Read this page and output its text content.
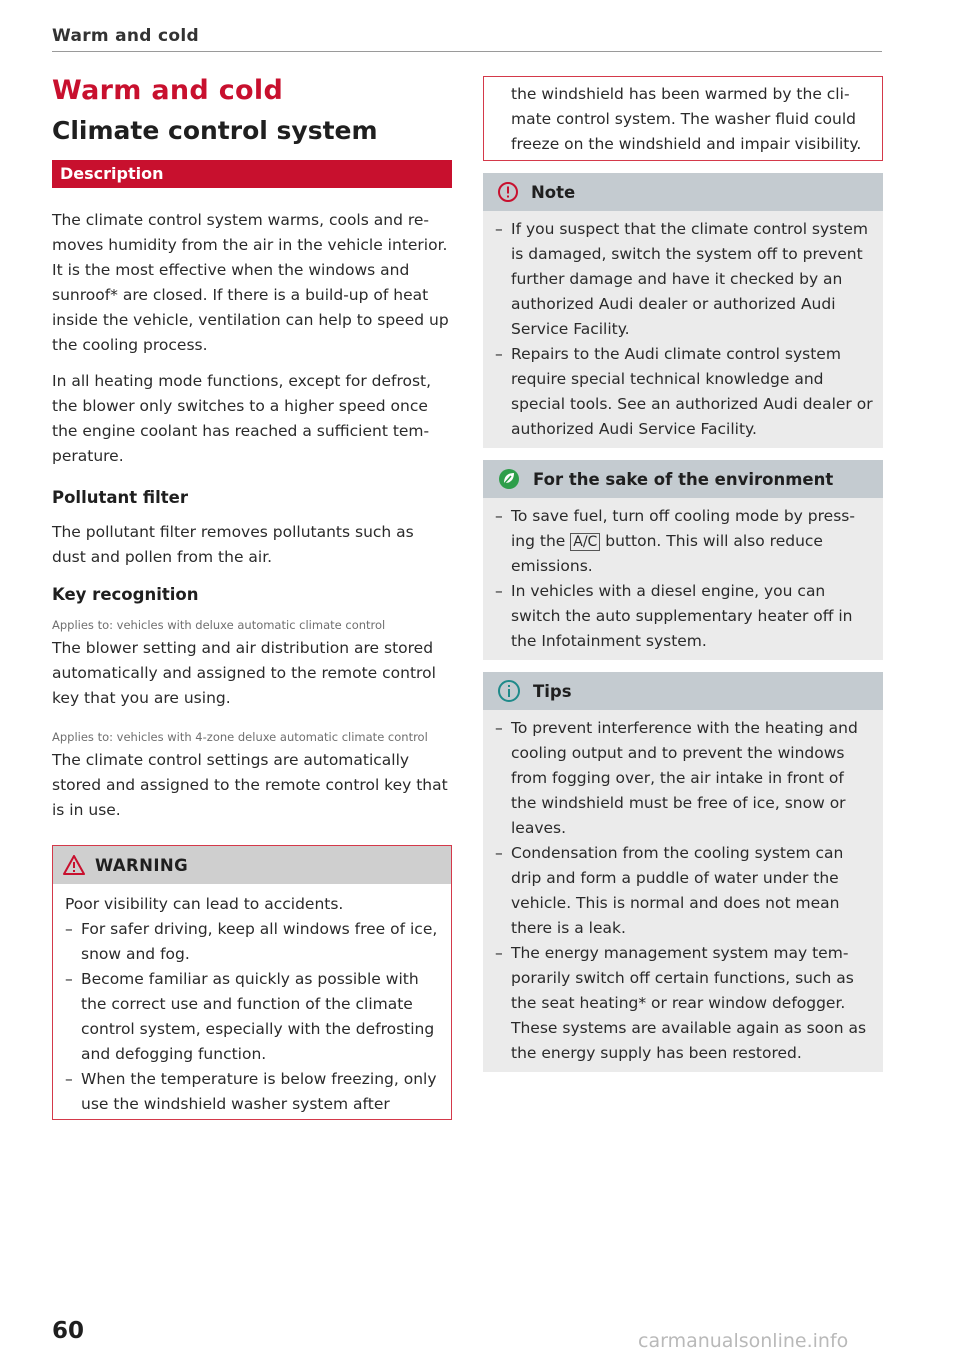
Warm and cold
Warm and cold
Climate control system
Description

The climate control system warms, cools and removes humidity from the air in the vehicle interior. It is the most effective when the windows and sunroof* are closed. If there is a build-up of heat inside the vehicle, ventilation can help to speed up the cooling process.

In all heating mode functions, except for defrost, the blower only switches to a higher speed once the engine coolant has reached a sufficient temperature.

Pollutant filter

The pollutant filter removes pollutants such as dust and pollen from the air.

Key recognition
Applies to: vehicles with deluxe automatic climate control

The blower setting and air distribution are stored automatically and assigned to the remote control key that you are using.

Applies to: vehicles with 4-zone deluxe automatic climate control

The climate control settings are automatically stored and assigned to the remote control key that is in use.

WARNING

Poor visibility can lead to accidents.

– For safer driving, keep all windows free of ice, snow and fog.
– Become familiar as quickly as possible with the correct use and function of the climate control system, especially with the defrosting and defogging function.
– When the temperature is below freezing, only use the windshield washer system after

the windshield has been warmed by the climate control system. The washer fluid could freeze on the windshield and impair visibility.

Note
– If you suspect that the climate control system is damaged, switch the system off to prevent further damage and have it checked by an authorized Audi dealer or authorized Audi Service Facility.
– Repairs to the Audi climate control system require special technical knowledge and special tools. See an authorized Audi dealer or authorized Audi Service Facility.
For the sake of the environment
– To save fuel, turn off cooling mode by pressing the A/C button. This will also reduce emissions.
– In vehicles with a diesel engine, you can switch the auto supplementary heater off in the Infotainment system.
Tips
– To prevent interference with the heating and cooling output and to prevent the windows from fogging over, the air intake in front of the windshield must be free of ice, snow or leaves.
– Condensation from the cooling system can drip and form a puddle of water under the vehicle. This is normal and does not mean there is a leak.
– The energy management system may temporarily switch off certain functions, such as the seat heating* or rear window defogger. These systems are available again as soon as the energy supply has been restored.
60	carmanualsonline.info
